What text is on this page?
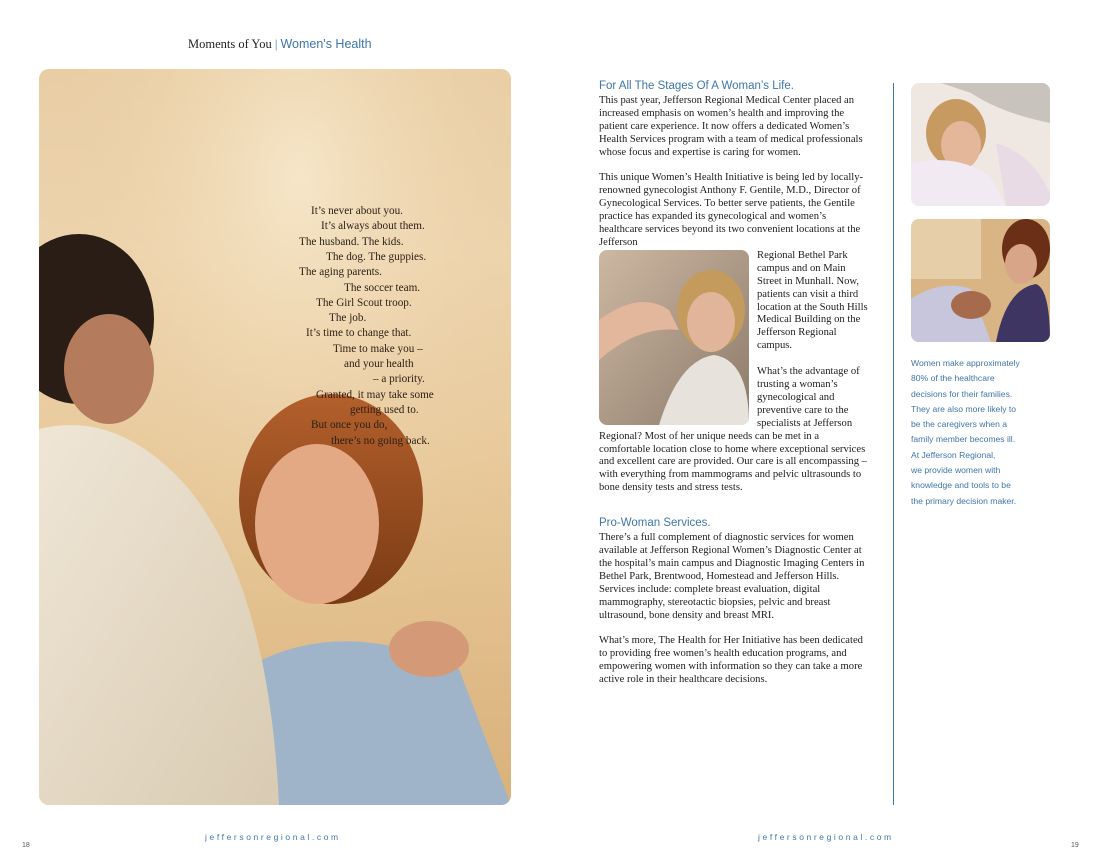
Moments of You | Women's Health
It’s never about you.
It’s always about them.
The husband. The kids.
The dog. The guppies.
The aging parents.
The soccer team.
The Girl Scout troop.
The job.
It’s time to change that.
Time to make you –
and your health
– a priority.
Granted, it may take some
getting used to.
But once you do,
there’s no going back.
For All The Stages Of A Woman’s Life.

This past year, Jefferson Regional Medical Center placed an increased emphasis on women’s health and improving the patient care experience. It now offers a dedicated Women’s Health Services program with a team of medical professionals whose focus and expertise is caring for women.

This unique Women’s Health Initiative is being led by locally-renowned gynecologist Anthony F. Gentile, M.D., Director of Gynecological Services. To better serve patients, the Gentile practice has expanded its gynecological and women’s healthcare services beyond its two convenient locations at the Jefferson

Regional Bethel Park campus and on Main Street in Munhall. Now, patients can visit a third location at the South Hills Medical Building on the Jefferson Regional campus.

What’s the advantage of trusting a woman’s gynecological and preventive care to the specialists at Jefferson Regional? Most of her unique needs can be met in a comfortable location close to home where exceptional services and excellent care are provided. Our care is all encompassing – with everything from mammograms and pelvic ultrasounds to bone density tests and stress tests.

Pro-Woman Services.

There’s a full complement of diagnostic services for women available at Jefferson Regional Women’s Diagnostic Center at the hospital’s main campus and Diagnostic Imaging Centers in Bethel Park, Brentwood, Homestead and Jefferson Hills. Services include: complete breast evaluation, digital mammography, stereotactic biopsies, pelvic and breast ultrasound, bone density and breast MRI.

What’s more, The Health for Her Initiative has been dedicated to providing free women’s health education programs, and empowering women with information so they can take a more active role in their healthcare decisions.

Women make approximately
80% of the healthcare
decisions for their families.
They are also more likely to
be the caregivers when a
family member becomes ill.
At Jefferson Regional,
we provide women with
knowledge and tools to be
the primary decision maker.
jeffersonregional.com	jeffersonregional.com
18	19
